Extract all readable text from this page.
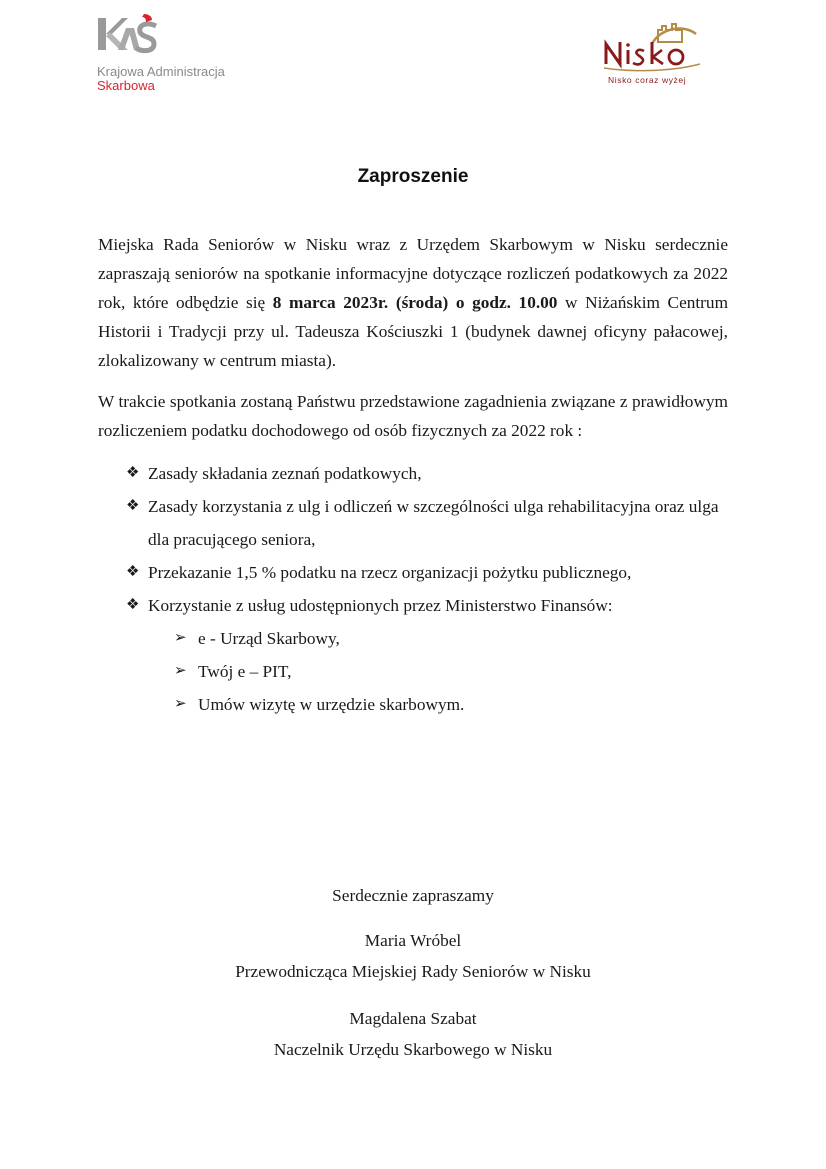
Krajowa Administracja
Skarbowa	Nisko coraz wyżej
Zaproszenie

Miejska Rada Seniorów w Nisku wraz z Urzędem Skarbowym w Nisku serdecznie zapraszają seniorów na spotkanie informacyjne dotyczące rozliczeń podatkowych za 2022 rok, które odbędzie się 8 marca 2023r. (środa) o godz. 10.00 w Niżańskim Centrum Historii i Tradycji przy ul. Tadeusza Kościuszki 1 (budynek dawnej oficyny pałacowej, zlokalizowany w centrum miasta).

W trakcie spotkania zostaną Państwu przedstawione zagadnienia związane z prawidłowym rozliczeniem podatku dochodowego od osób fizycznych za 2022 rok :

❖ Zasady składania zeznań podatkowych,
❖ Zasady korzystania z ulg i odliczeń w szczególności ulga rehabilitacyjna oraz ulga dla pracującego seniora,
❖ Przekazanie 1,5 % podatku na rzecz organizacji pożytku publicznego,
❖ Korzystanie z usług udostępnionych przez Ministerstwo Finansów:
➢ e - Urząd Skarbowy,
➢ Twój e – PIT,
➢ Umów wizytę w urzędzie skarbowym.
Serdecznie zapraszamy
Maria Wróbel
Przewodnicząca Miejskiej Rady Seniorów w Nisku
Magdalena Szabat
Naczelnik Urzędu Skarbowego w Nisku
